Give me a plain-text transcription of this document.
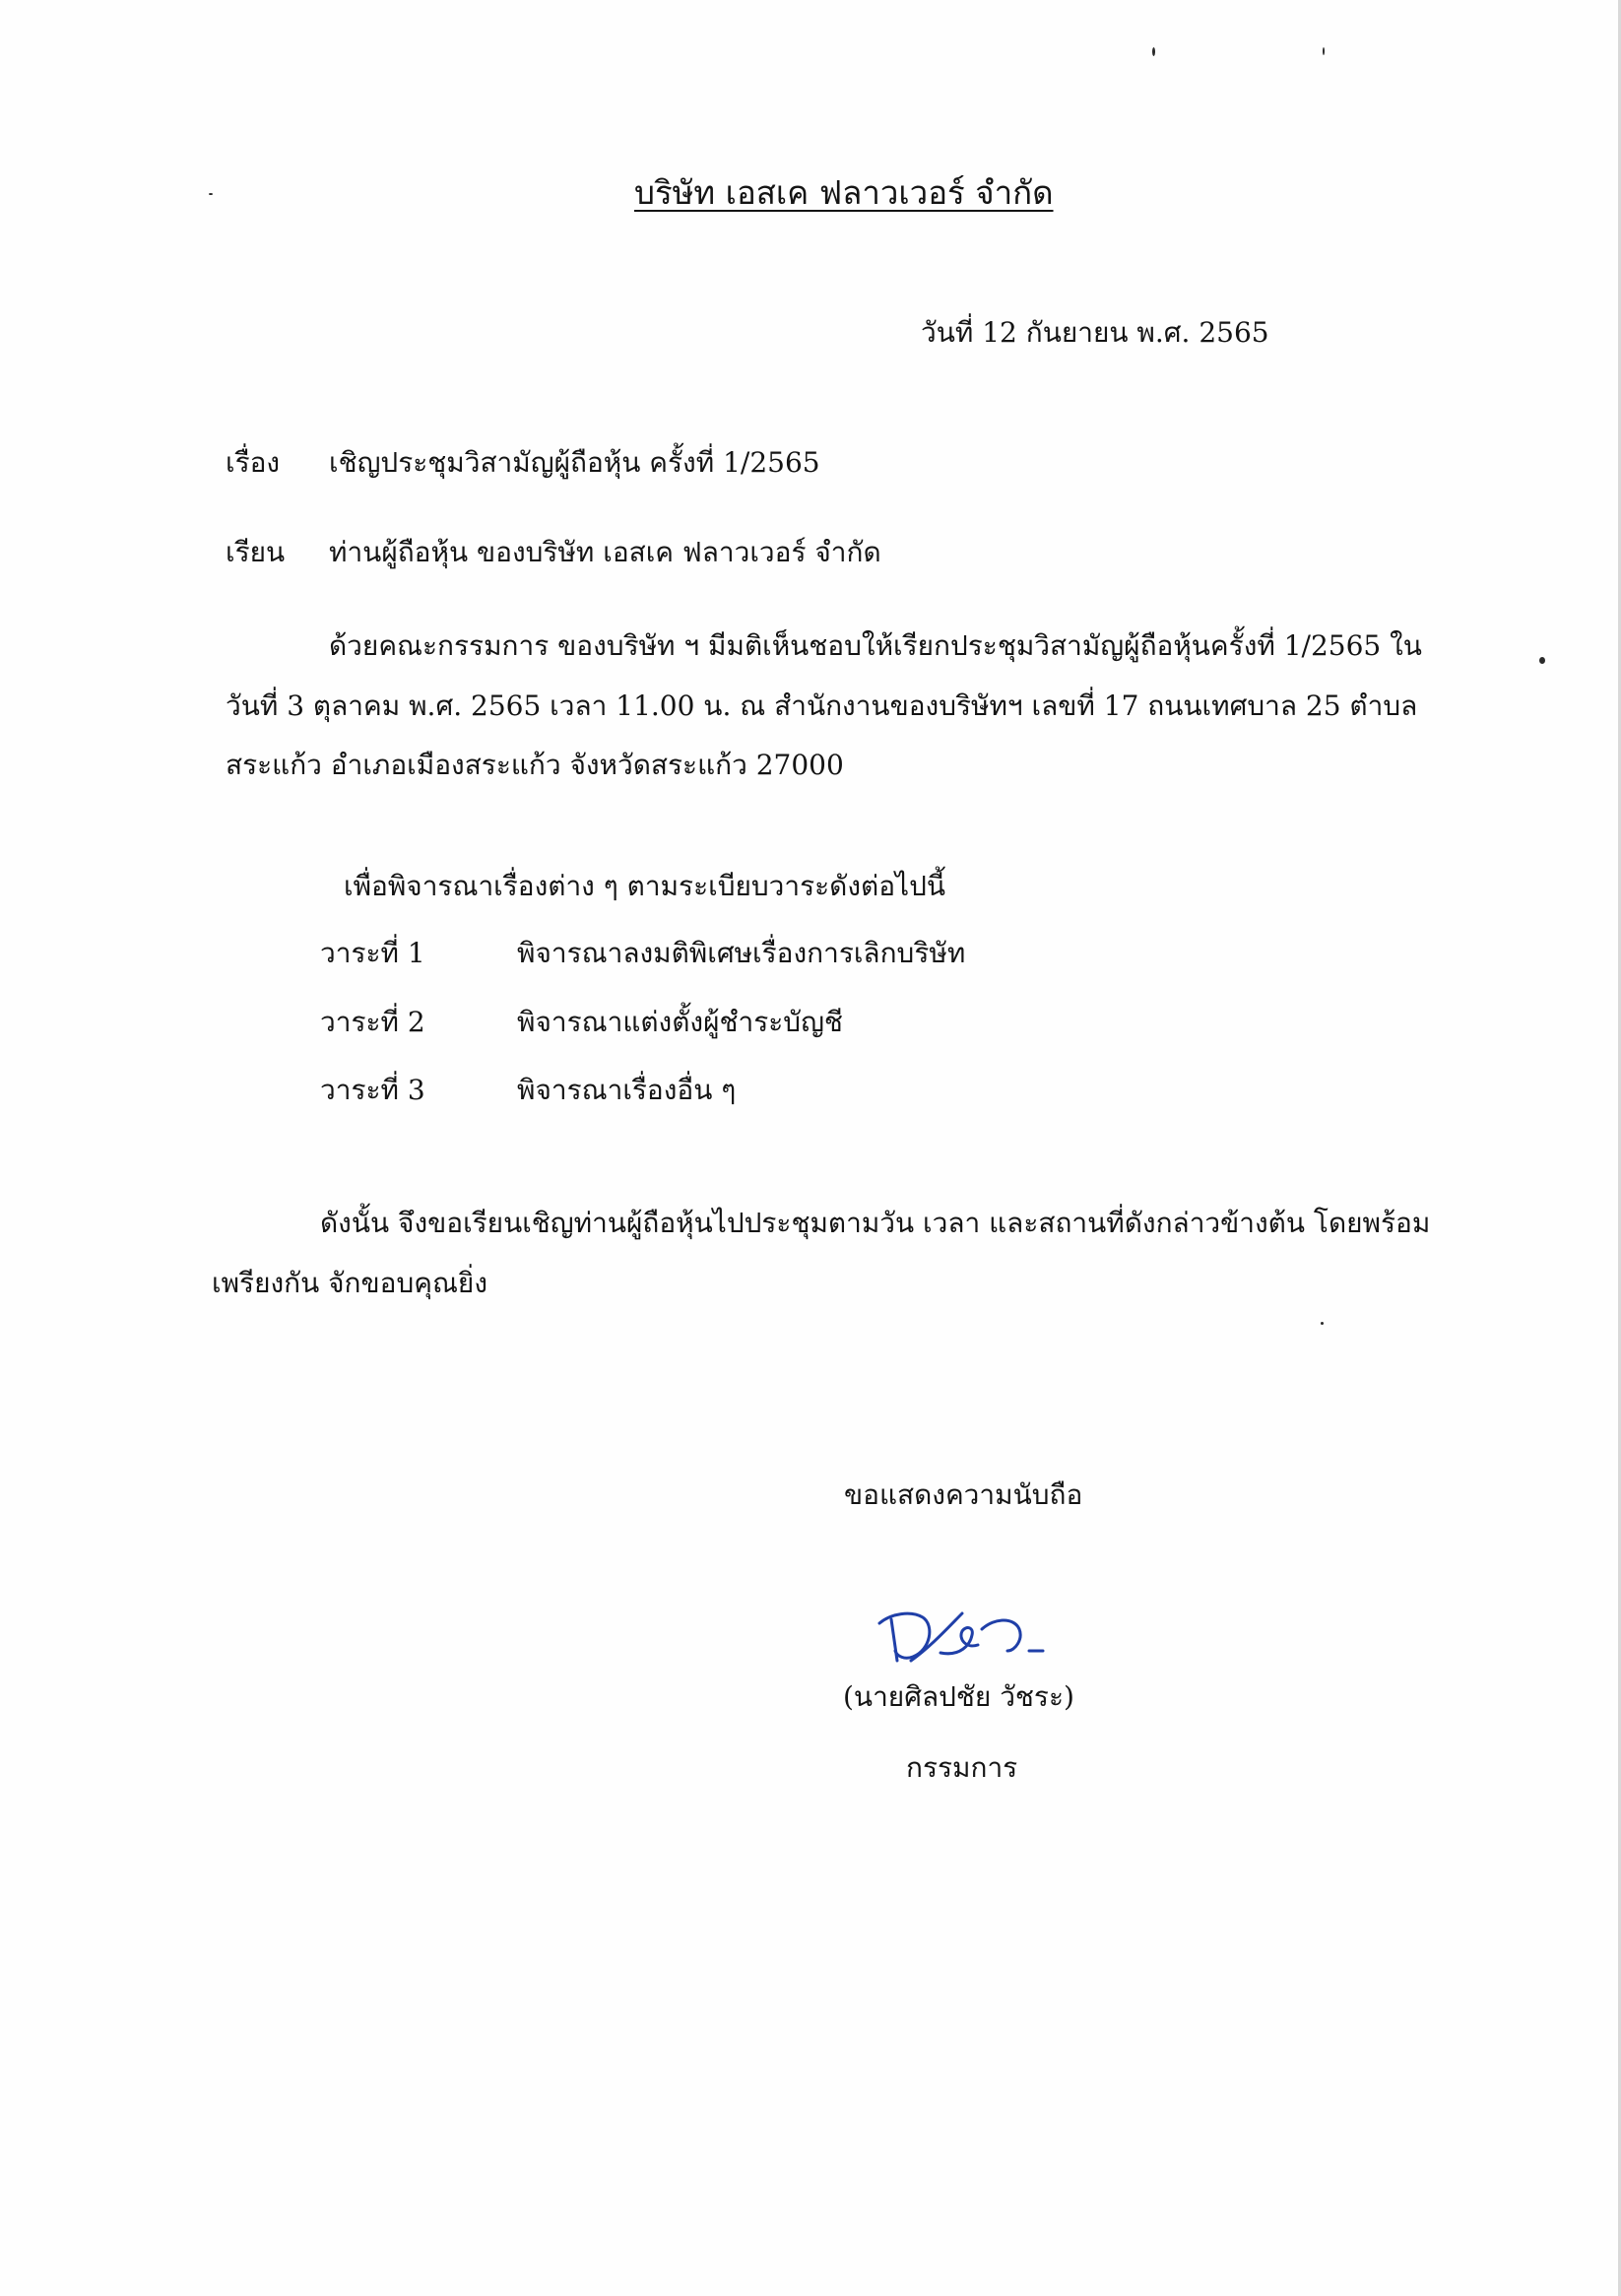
บริษัท เอสเค ฟลาวเวอร์ จำกัด
วันที่ 12 กันยายน พ.ศ. 2565
เรื่อง เชิญประชุมวิสามัญผู้ถือหุ้น ครั้งที่ 1/2565
เรียน ท่านผู้ถือหุ้น ของบริษัท เอสเค ฟลาวเวอร์ จำกัด
ด้วยคณะกรรมการ ของบริษัท ฯ มีมติเห็นชอบให้เรียกประชุมวิสามัญผู้ถือหุ้นครั้งที่ 1/2565 ใน
วันที่ 3 ตุลาคม พ.ศ. 2565 เวลา 11.00 น. ณ สำนักงานของบริษัทฯ เลขที่ 17 ถนนเทศบาล 25 ตำบล
สระแก้ว อำเภอเมืองสระแก้ว จังหวัดสระแก้ว 27000
เพื่อพิจารณาเรื่องต่าง ๆ ตามระเบียบวาระดังต่อไปนี้
วาระที่ 1	พิจารณาลงมติพิเศษเรื่องการเลิกบริษัท
วาระที่ 2	พิจารณาแต่งตั้งผู้ชำระบัญชี
วาระที่ 3	พิจารณาเรื่องอื่น ๆ
ดังนั้น จึงขอเรียนเชิญท่านผู้ถือหุ้นไปประชุมตามวัน เวลา และสถานที่ดังกล่าวข้างต้น โดยพร้อม
เพรียงกัน จักขอบคุณยิ่ง
ขอแสดงความนับถือ
(นายศิลปชัย วัชระ)
กรรมการ
